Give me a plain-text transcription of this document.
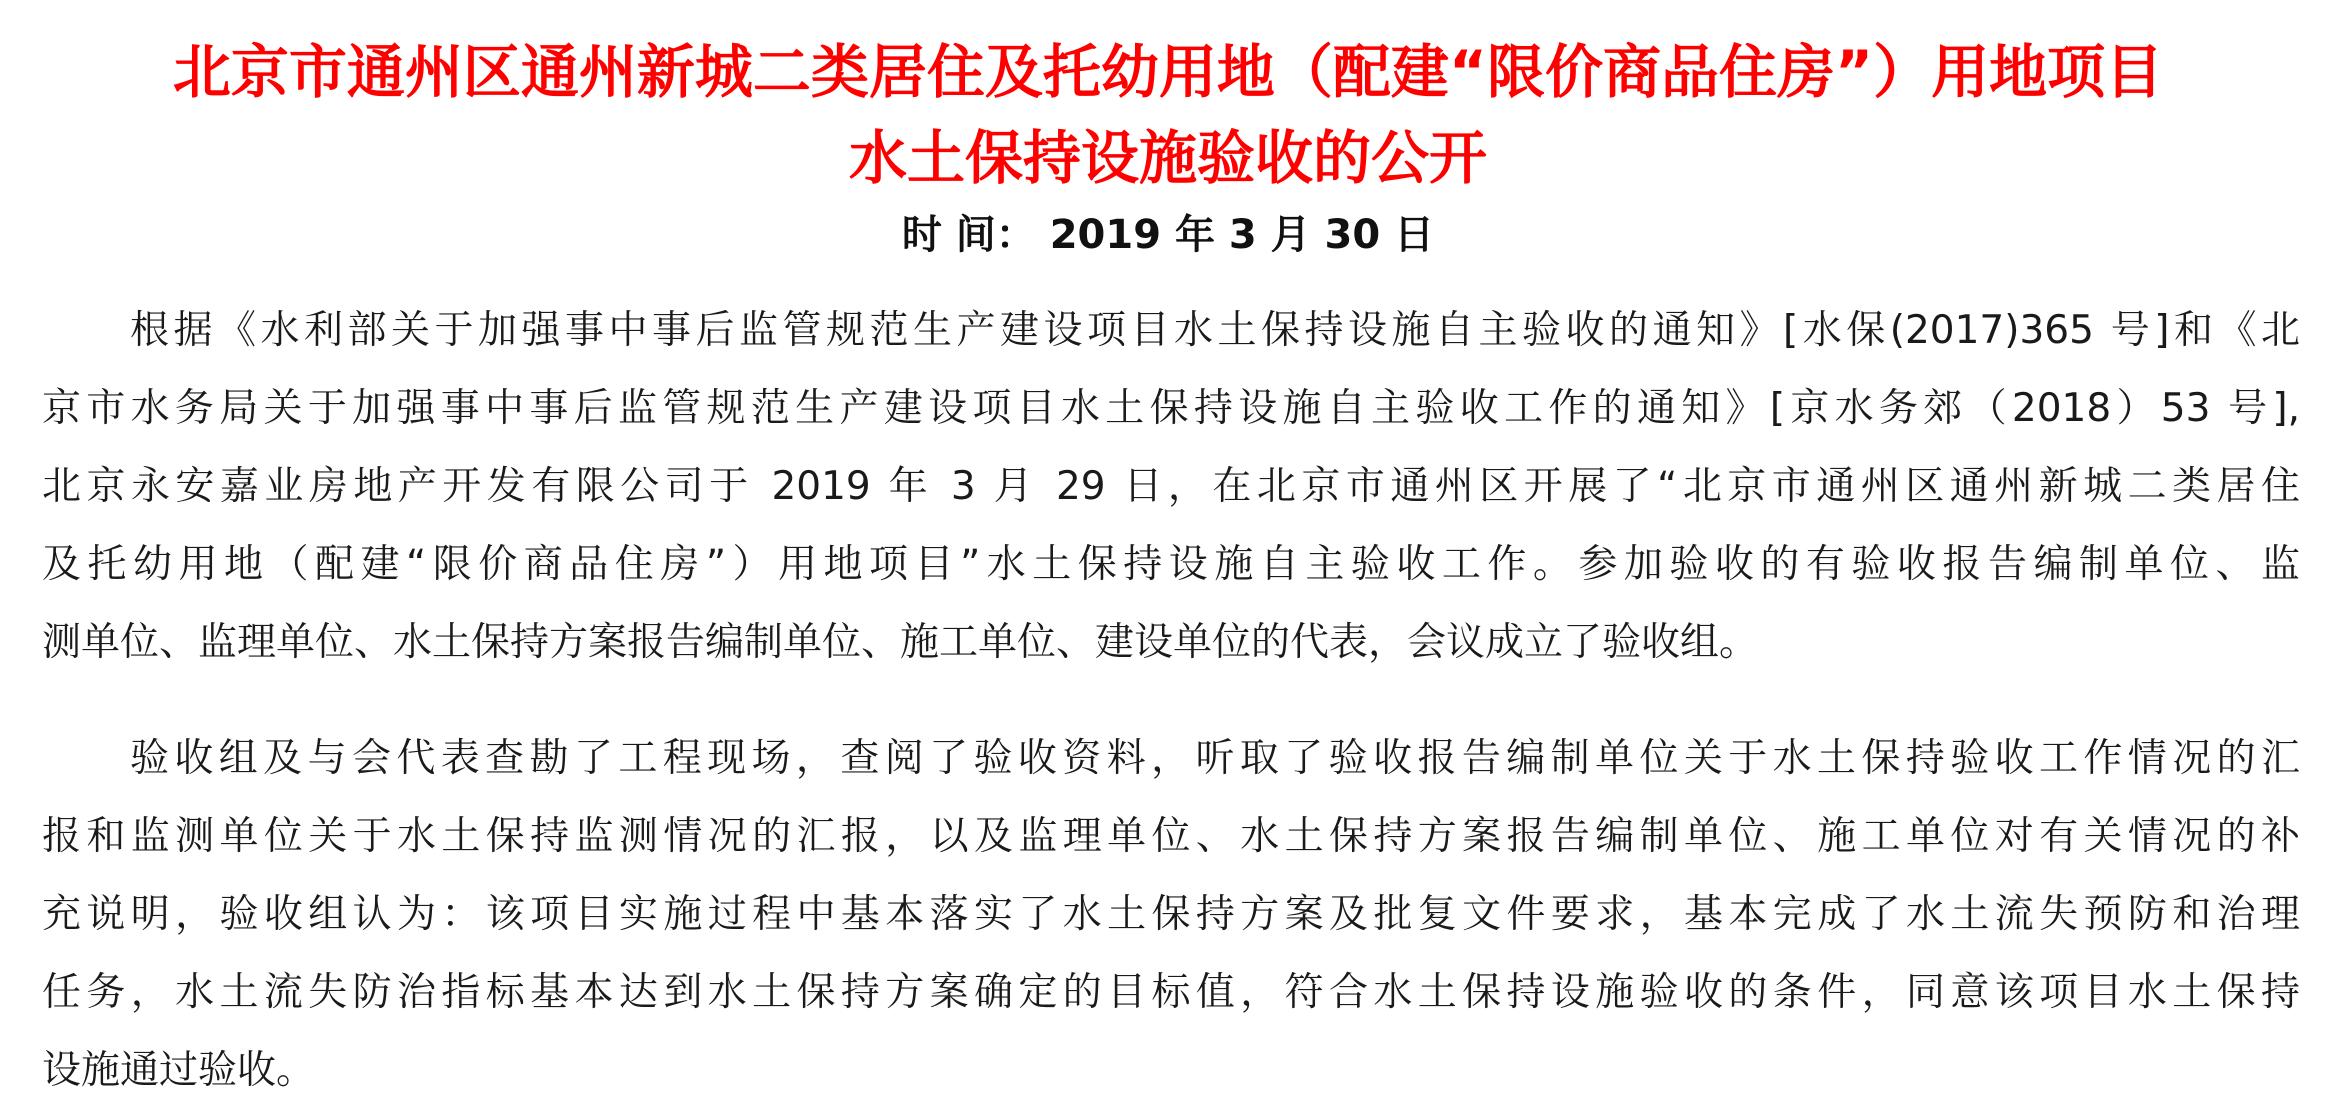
北京市通州区通州新城二类居住及托幼用地（配建“限价商品住房”）用地项目
水土保持设施验收的公开
时 间： 2019 年 3 月 30 日
根据《水利部关于加强事中事后监管规范生产建设项目水土保持设施自主验收的通知》[水保(2017)365 号]和《北
京市水务局关于加强事中事后监管规范生产建设项目水土保持设施自主验收工作的通知》[京水务郊（2018）53 号],
北京永安嘉业房地产开发有限公司于 2019 年 3 月 29 日，在北京市通州区开展了“北京市通州区通州新城二类居住
及托幼用地（配建“限价商品住房”）用地项目”水土保持设施自主验收工作。参加验收的有验收报告编制单位、监
测单位、监理单位、水土保持方案报告编制单位、施工单位、建设单位的代表，会议成立了验收组。
验收组及与会代表查勘了工程现场，查阅了验收资料，听取了验收报告编制单位关于水土保持验收工作情况的汇
报和监测单位关于水土保持监测情况的汇报，以及监理单位、水土保持方案报告编制单位、施工单位对有关情况的补
充说明，验收组认为：该项目实施过程中基本落实了水土保持方案及批复文件要求，基本完成了水土流失预防和治理
任务，水土流失防治指标基本达到水土保持方案确定的目标值，符合水土保持设施验收的条件，同意该项目水土保持
设施通过验收。
